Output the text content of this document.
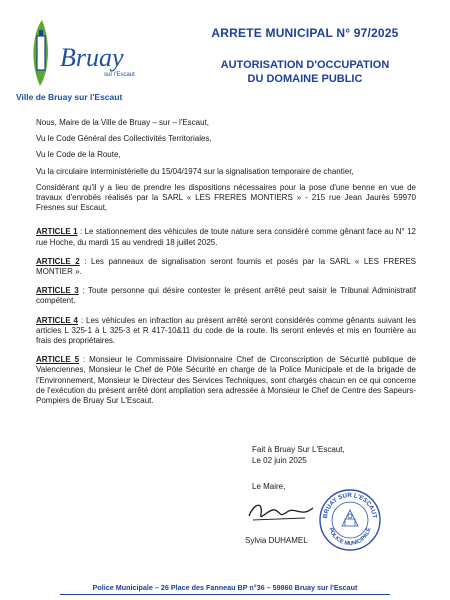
Bruay
sur l'Escaut
Ville de Bruay sur l'Escaut
ARRETE MUNICIPAL N° 97/2025
AUTORISATION D'OCCUPATION
DU DOMAINE PUBLIC

Nous, Maire de la Ville de Bruay – sur – l'Escaut,

Vu le Code Général des Collectivités Territoriales,

Vu le Code de la Route,

Vu la circulaire interministérielle du 15/04/1974 sur la signalisation temporaire de chantier,

Considérant qu'il y a lieu de prendre les dispositions nécessaires pour la pose d'une benne en vue de travaux d'enrobés réalisés par la SARL « LES FRERES MONTIERS » - 215 rue Jean Jaurès 59970 Fresnes sur Escaut,

ARTICLE 1 : Le stationnement des véhicules de toute nature sera considéré comme gênant face au N° 12 rue Hoche, du mardi 15 au vendredi 18 juillet 2025.

ARTICLE 2 : Les panneaux de signalisation seront fournis et posés par la SARL « LES FRERES MONTIER ».

ARTICLE 3 : Toute personne qui désire contester le présent arrêté peut saisir le Tribunal Administratif compétent.

ARTICLE 4 : Les véhicules en infraction au présent arrêté seront considérés comme gênants suivant les articles L 325-1 à L 325-3 et R 417-10&11 du code de la route. Ils seront enlevés et mis en fourrière au frais des propriétaires.

ARTICLE 5 : Monsieur le Commissaire Divisionnaire Chef de Circonscription de Sécurité publique de Valenciennes, Monsieur le Chef de Pôle Sécurité en charge de la Police Municipale et de la brigade de l'Environnement, Monsieur le Directeur des Services Techniques, sont chargés chacun en ce qui concerne de l'exécution du présent arrêté dont ampliation sera adressée à Monsieur le Chef de Centre des Sapeurs-Pompiers de Bruay Sur L'Escaut.

Fait à Bruay Sur L'Escaut,
Le 02 juin 2025
Le Maire,
Sylvia DUHAMEL
BRUAY SUR L'ESCAUT
POLICE MUNICIPALE
Police Municipale – 26 Place des Fanneau BP n°36 – 59860 Bruay sur l'Escaut
